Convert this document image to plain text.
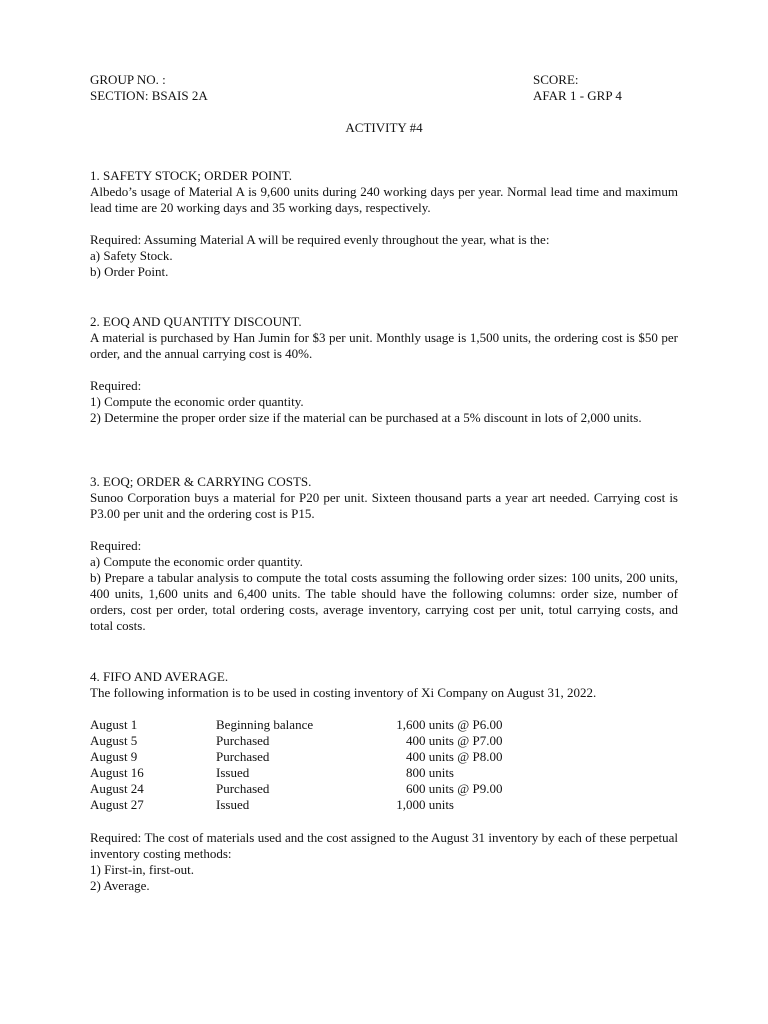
GROUP NO. :	SCORE:
SECTION: BSAIS 2A	AFAR 1 - GRP 4
ACTIVITY #4

1. SAFETY STOCK; ORDER POINT.

Albedo’s usage of Material A is 9,600 units during 240 working days per year. Normal lead time and maximum lead time are 20 working days and 35 working days, respectively.

Required: Assuming Material A will be required evenly throughout the year, what is the:

a) Safety Stock.

b) Order Point.

2. EOQ AND QUANTITY DISCOUNT.

A material is purchased by Han Jumin for $3 per unit. Monthly usage is 1,500 units, the ordering cost is $50 per order, and the annual carrying cost is 40%.

Required:

1) Compute the economic order quantity.

2) Determine the proper order size if the material can be purchased at a 5% discount in lots of 2,000 units.

3. EOQ; ORDER & CARRYING COSTS.

Sunoo Corporation buys a material for P20 per unit. Sixteen thousand parts a year art needed. Carrying cost is P3.00 per unit and the ordering cost is P15.

Required:

a) Compute the economic order quantity.

b) Prepare a tabular analysis to compute the total costs assuming the following order sizes: 100 units, 200 units, 400 units, 1,600 units and 6,400 units. The table should have the following columns: order size, number of orders, cost per order, total ordering costs, average inventory, carrying cost per unit, totul carrying costs, and total costs.

4. FIFO AND AVERAGE.

The following information is to be used in costing inventory of Xi Company on August 31, 2022.

August 1	Beginning balance	1,600 units @ P6.00
August 5	Purchased	400 units @ P7.00
August 9	Purchased	400 units @ P8.00
August 16	Issued	800 units
August 24	Purchased	600 units @ P9.00
August 27	Issued	1,000 units

Required: The cost of materials used and the cost assigned to the August 31 inventory by each of these perpetual inventory costing methods:

1) First-in, first-out.

2) Average.
